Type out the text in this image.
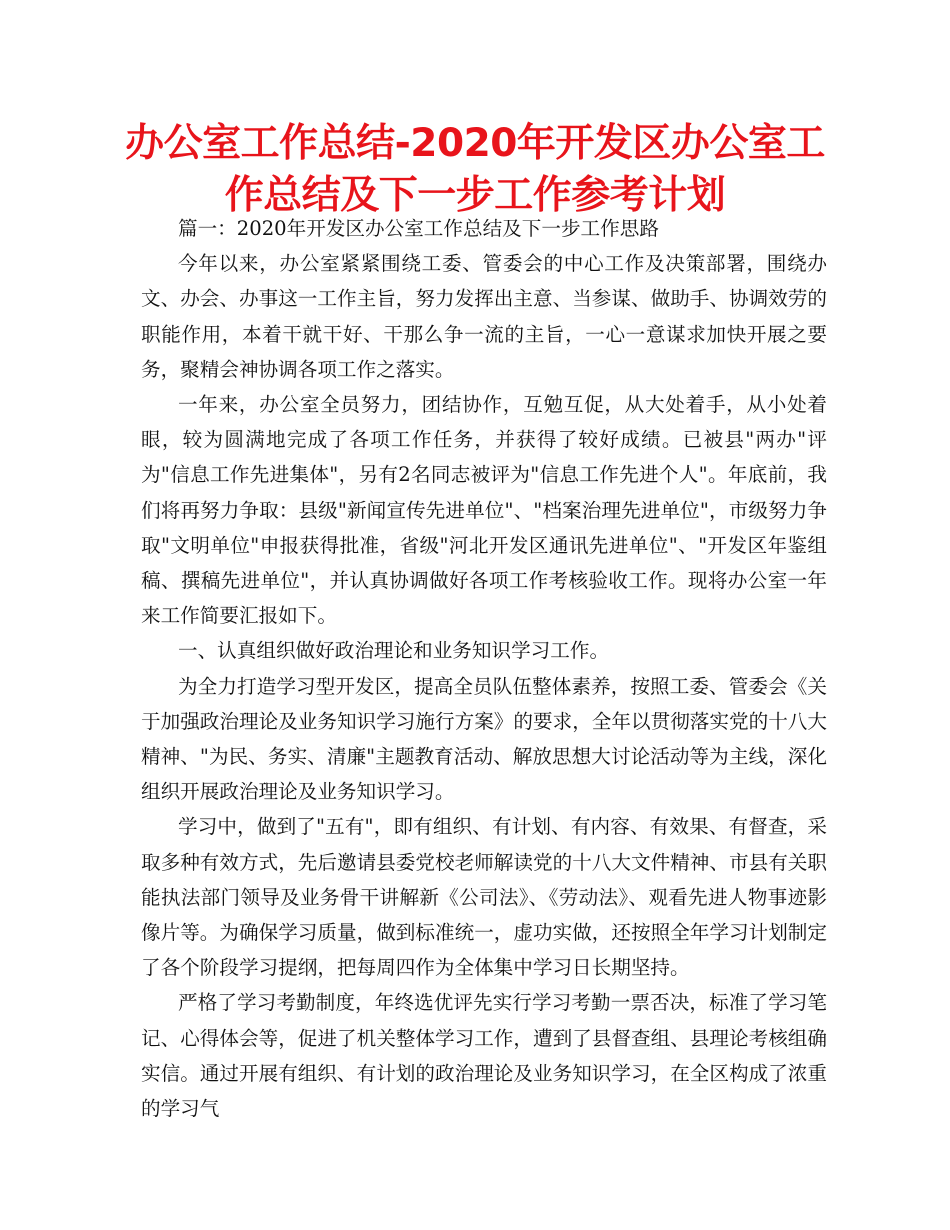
办公室工作总结-2020年开发区办公室工作总结及下一步工作参考计划

篇一：2020年开发区办公室工作总结及下一步工作思路

今年以来，办公室紧紧围绕工委、管委会的中心工作及决策部署，围绕办文、办会、办事这一工作主旨，努力发挥出主意、当参谋、做助手、协调效劳的职能作用，本着干就干好、干那么争一流的主旨，一心一意谋求加快开展之要务，聚精会神协调各项工作之落实。

一年来，办公室全员努力，团结协作，互勉互促，从大处着手，从小处着眼，较为圆满地完成了各项工作任务，并获得了较好成绩。已被县"两办"评为"信息工作先进集体"，另有2名同志被评为"信息工作先进个人"。年底前，我们将再努力争取：县级"新闻宣传先进单位"、"档案治理先进单位"，市级努力争取"文明单位"申报获得批准，省级"河北开发区通讯先进单位"、"开发区年鉴组稿、撰稿先进单位"，并认真协调做好各项工作考核验收工作。现将办公室一年来工作简要汇报如下。

一、认真组织做好政治理论和业务知识学习工作。

为全力打造学习型开发区，提高全员队伍整体素养，按照工委、管委会《关于加强政治理论及业务知识学习施行方案》的要求，全年以贯彻落实党的十八大精神、"为民、务实、清廉"主题教育活动、解放思想大讨论活动等为主线，深化组织开展政治理论及业务知识学习。

学习中，做到了"五有"，即有组织、有计划、有内容、有效果、有督查，采取多种有效方式，先后邀请县委党校老师解读党的十八大文件精神、市县有关职能执法部门领导及业务骨干讲解新《公司法》、《劳动法》、观看先进人物事迹影像片等。为确保学习质量，做到标准统一，虚功实做，还按照全年学习计划制定了各个阶段学习提纲，把每周四作为全体集中学习日长期坚持。

严格了学习考勤制度，年终选优评先实行学习考勤一票否决，标准了学习笔记、心得体会等，促进了机关整体学习工作，遭到了县督查组、县理论考核组确实信。通过开展有组织、有计划的政治理论及业务知识学习，在全区构成了浓重的学习气
